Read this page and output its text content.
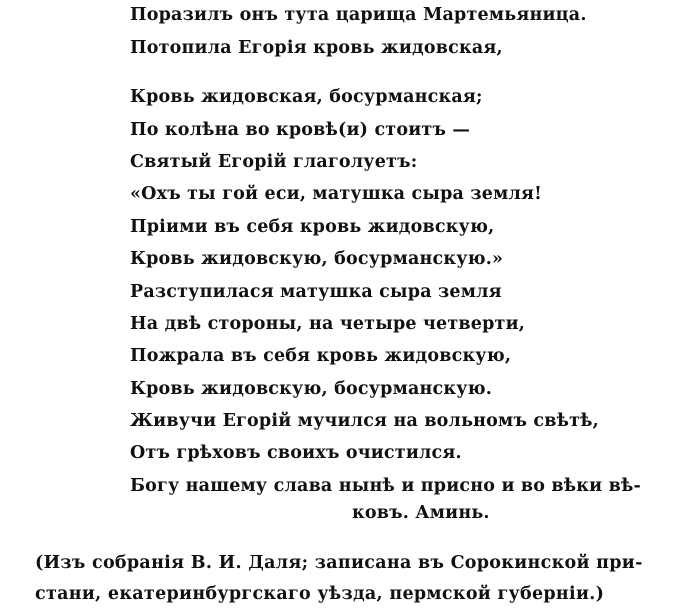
Поразилъ онъ тута царища Мартемьяница.
Потопила Егорія кровь жидовская,
Кровь жидовская, босурманская;
По колѣна во кровѣ(и) стоитъ —
Святый Егорій глаголуетъ:
«Охъ ты гой еси, матушка сыра земля!
Пріими въ себя кровь жидовскую,
Кровь жидовскую, босурманскую.»
Разступилася матушка сыра земля
На двѣ стороны, на четыре четверти,
Пожрала въ себя кровь жидовскую,
Кровь жидовскую, босурманскую.
Живучи Егорій мучился на вольномъ свѣтѣ,
Отъ грѣховъ своихъ очистился.
Богу нашему слава нынѣ и присно и во вѣки вѣ-
ковъ. Аминь.
(Изъ собранія В. И. Даля; записана въ Сорокинской при-
стани, екатеринбургскаго уѣзда, пермской губерніи.)
